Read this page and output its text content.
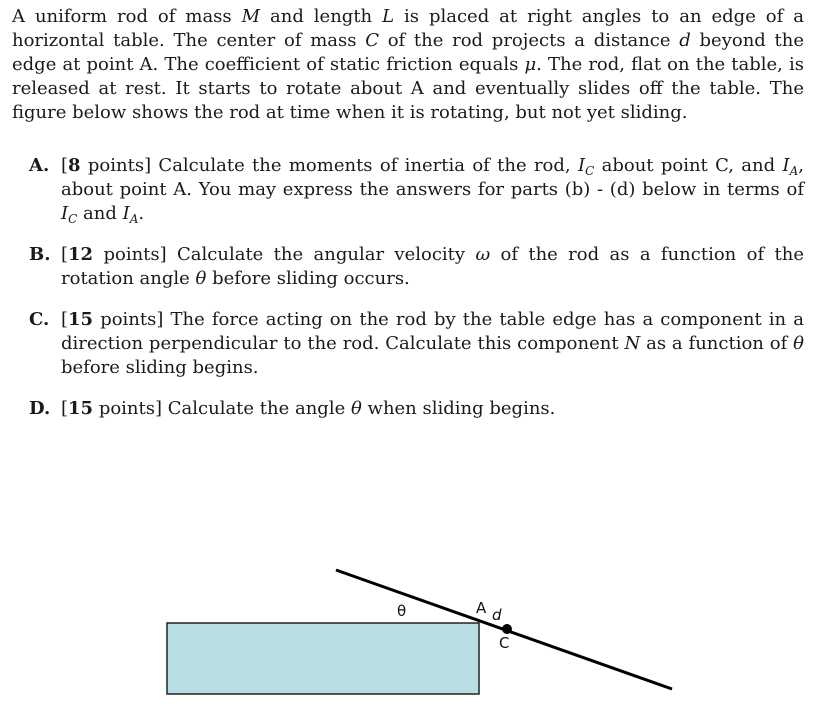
A uniform rod of mass M and length L is placed at right angles to an edge of a horizontal table. The center of mass C of the rod projects a distance d beyond the edge at point A. The coefficient of static friction equals μ. The rod, flat on the table, is released at rest. It starts to rotate about A and eventually slides off the table. The figure below shows the rod at time when it is rotating, but not yet sliding.

A. [8 points] Calculate the moments of inertia of the rod, $I_C$ about point C, and $I_A$, about point A. You may express the answers for parts (b) - (d) below in terms of $I_C$ and $I_A$.
B. [12 points] Calculate the angular velocity ω of the rod as a function of the rotation angle θ before sliding occurs.
C. [15 points] The force acting on the rod by the table edge has a component in a direction perpendicular to the rod. Calculate this component N as a function of θ before sliding begins.
D. [15 points] Calculate the angle θ when sliding begins.
θ	A d
C
